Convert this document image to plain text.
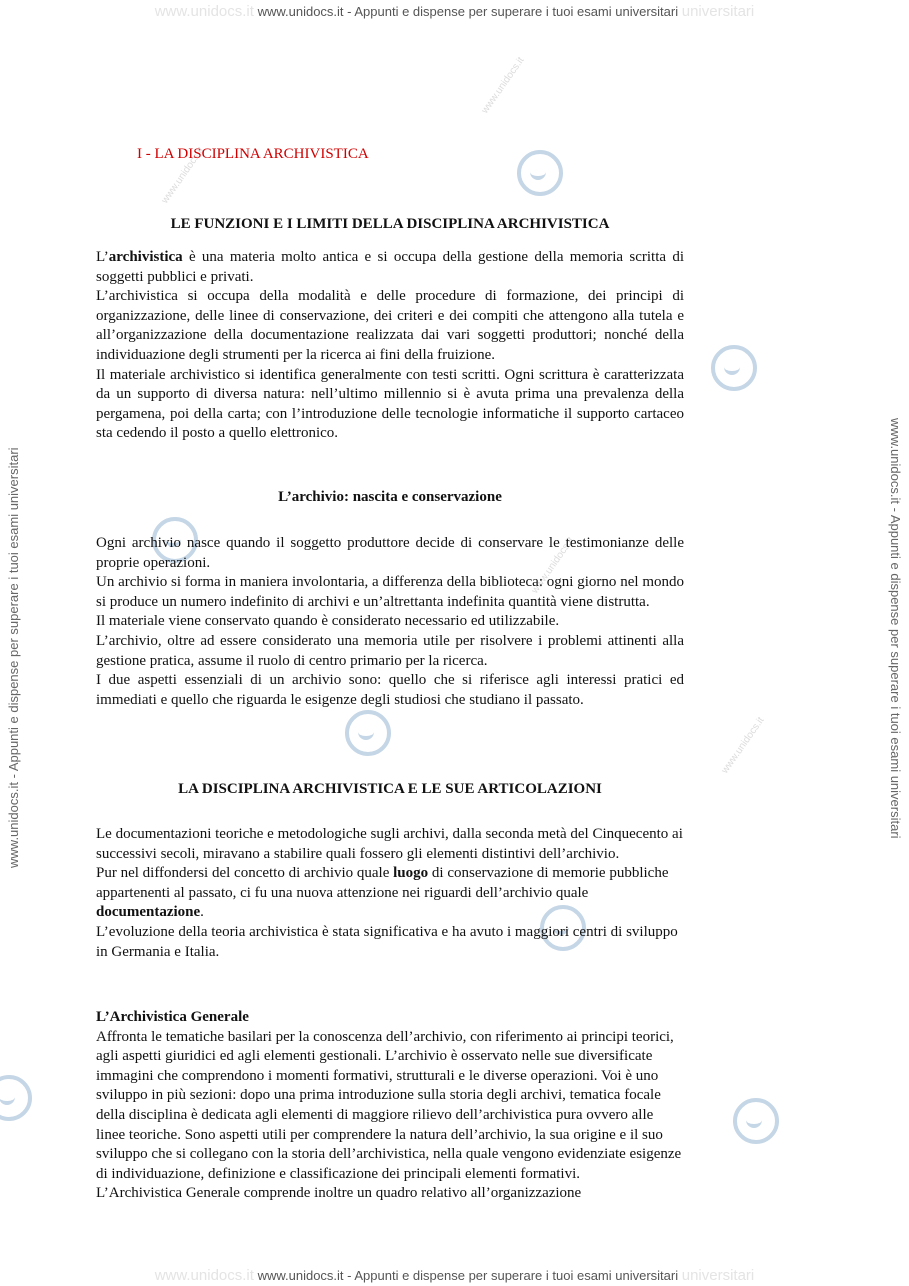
www.unidocs.it www.unidocs.it - Appunti e dispense per superare i tuoi esami universitari universitari
www.unidocs.it www.unidocs.it - Appunti e dispense per superare i tuoi esami universitari universitari
www.unidocs.it - Appunti e dispense per superare i tuoi esami universitari	www.unidocs.it - Appunti e dispense per superare i tuoi esami universitari
www.unidocs.it
www.unidocs.it
www.unidocs.it
www.unidocs.it
I - LA DISCIPLINA ARCHIVISTICA
LE FUNZIONI E I LIMITI DELLA DISCIPLINA ARCHIVISTICA

L’archivistica è una materia molto antica e si occupa della gestione della memoria scritta di soggetti pubblici e privati.

L’archivistica si occupa della modalità e delle procedure di formazione, dei principi di organizzazione, delle linee di conservazione, dei criteri e dei compiti che attengono alla tutela e all’organizzazione della documentazione realizzata dai vari soggetti produttori; nonché della individuazione degli strumenti per la ricerca ai fini della fruizione.

Il materiale archivistico si identifica generalmente con testi scritti. Ogni scrittura è caratterizzata da un supporto di diversa natura: nell’ultimo millennio si è avuta prima una prevalenza della pergamena, poi della carta; con l’introduzione delle tecnologie informatiche il supporto cartaceo sta cedendo il posto a quello elettronico.

L’archivio: nascita e conservazione

Ogni archivio nasce quando il soggetto produttore decide di conservare le testimonianze delle proprie operazioni.

Un archivio si forma in maniera involontaria, a differenza della biblioteca: ogni giorno nel mondo si produce un numero indefinito di archivi e un’altrettanta indefinita quantità viene distrutta.

Il materiale viene conservato quando è considerato necessario ed utilizzabile.

L’archivio, oltre ad essere considerato una memoria utile per risolvere i problemi attinenti alla gestione pratica, assume il ruolo di centro primario per la ricerca.

I due aspetti essenziali di un archivio sono: quello che si riferisce agli interessi pratici ed immediati e quello che riguarda le esigenze degli studiosi che studiano il passato.

LA DISCIPLINA ARCHIVISTICA E LE SUE ARTICOLAZIONI

Le documentazioni teoriche e metodologiche sugli archivi, dalla seconda metà del Cinquecento ai successivi secoli, miravano a stabilire quali fossero gli elementi distintivi dell’archivio.

Pur nel diffondersi del concetto di archivio quale luogo di conservazione di memorie pubbliche appartenenti al passato, ci fu una nuova attenzione nei riguardi dell’archivio quale documentazione.

L’evoluzione della teoria archivistica è stata significativa e ha avuto i maggiori centri di sviluppo in Germania e Italia.

L’Archivistica Generale

Affronta le tematiche basilari per la conoscenza dell’archivio, con riferimento ai principi teorici, agli aspetti giuridici ed agli elementi gestionali. L’archivio è osservato nelle sue diversificate immagini che comprendono i momenti formativi, strutturali e le diverse operazioni. Voi è uno sviluppo in più sezioni: dopo una prima introduzione sulla storia degli archivi, tematica focale della disciplina è dedicata agli elementi di maggiore rilievo dell’archivistica pura ovvero alle linee teoriche. Sono aspetti utili per comprendere la natura dell’archivio, la sua origine e il suo sviluppo che si collegano con la storia dell’archivistica, nella quale vengono evidenziate esigenze di individuazione, definizione e classificazione dei principali elementi formativi.

L’Archivistica Generale comprende inoltre un quadro relativo all’organizzazione
